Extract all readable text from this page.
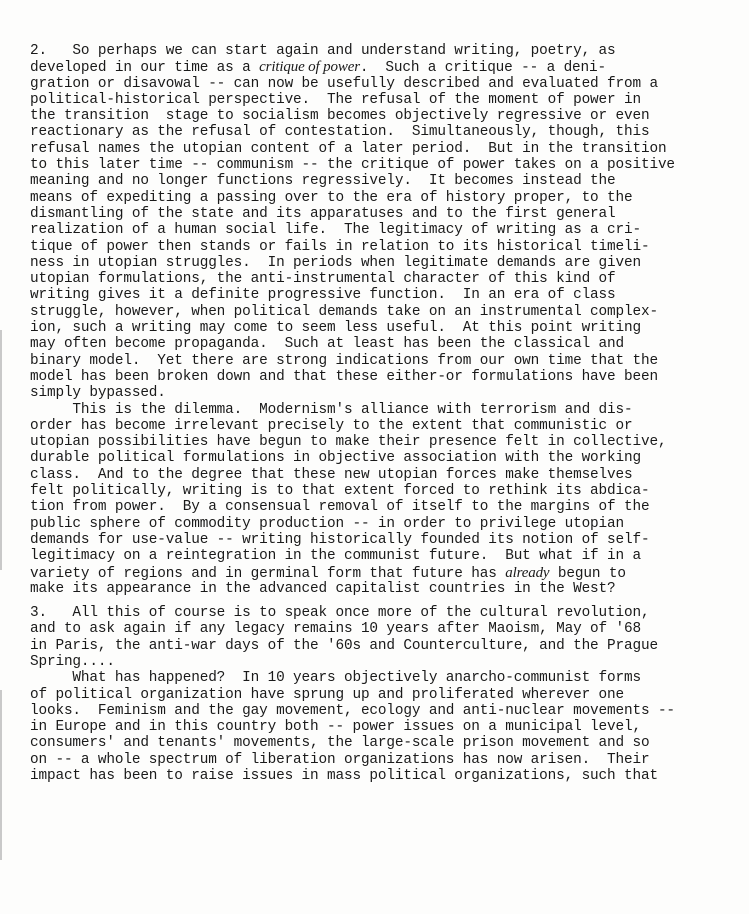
2.   So perhaps we can start again and understand writing, poetry, as
developed in our time as a critique of power.  Such a critique -- a deni-
gration or disavowal -- can now be usefully described and evaluated from a
political-historical perspective.  The refusal of the moment of power in
the transition  stage to socialism becomes objectively regressive or even
reactionary as the refusal of contestation.  Simultaneously, though, this
refusal names the utopian content of a later period.  But in the transition
to this later time -- communism -- the critique of power takes on a positive
meaning and no longer functions regressively.  It becomes instead the
means of expediting a passing over to the era of history proper, to the
dismantling of the state and its apparatuses and to the first general
realization of a human social life.  The legitimacy of writing as a cri-
tique of power then stands or fails in relation to its historical timeli-
ness in utopian struggles.  In periods when legitimate demands are given
utopian formulations, the anti-instrumental character of this kind of
writing gives it a definite progressive function.  In an era of class
struggle, however, when political demands take on an instrumental complex-
ion, such a writing may come to seem less useful.  At this point writing
may often become propaganda.  Such at least has been the classical and
binary model.  Yet there are strong indications from our own time that the
model has been broken down and that these either-or formulations have been
simply bypassed.
This is the dilemma.  Modernism's alliance with terrorism and dis-
order has become irrelevant precisely to the extent that communistic or
utopian possibilities have begun to make their presence felt in collective,
durable political formulations in objective association with the working
class.  And to the degree that these new utopian forces make themselves
felt politically, writing is to that extent forced to rethink its abdica-
tion from power.  By a consensual removal of itself to the margins of the
public sphere of commodity production -- in order to privilege utopian
demands for use-value -- writing historically founded its notion of self-
legitimacy on a reintegration in the communist future.  But what if in a
variety of regions and in germinal form that future has already begun to
make its appearance in the advanced capitalist countries in the West?
3.   All this of course is to speak once more of the cultural revolution,
and to ask again if any legacy remains 10 years after Maoism, May of '68
in Paris, the anti-war days of the '60s and Counterculture, and the Prague
Spring....
What has happened?  In 10 years objectively anarcho-communist forms
of political organization have sprung up and proliferated wherever one
looks.  Feminism and the gay movement, ecology and anti-nuclear movements --
in Europe and in this country both -- power issues on a municipal level,
consumers' and tenants' movements, the large-scale prison movement and so
on -- a whole spectrum of liberation organizations has now arisen.  Their
impact has been to raise issues in mass political organizations, such that
